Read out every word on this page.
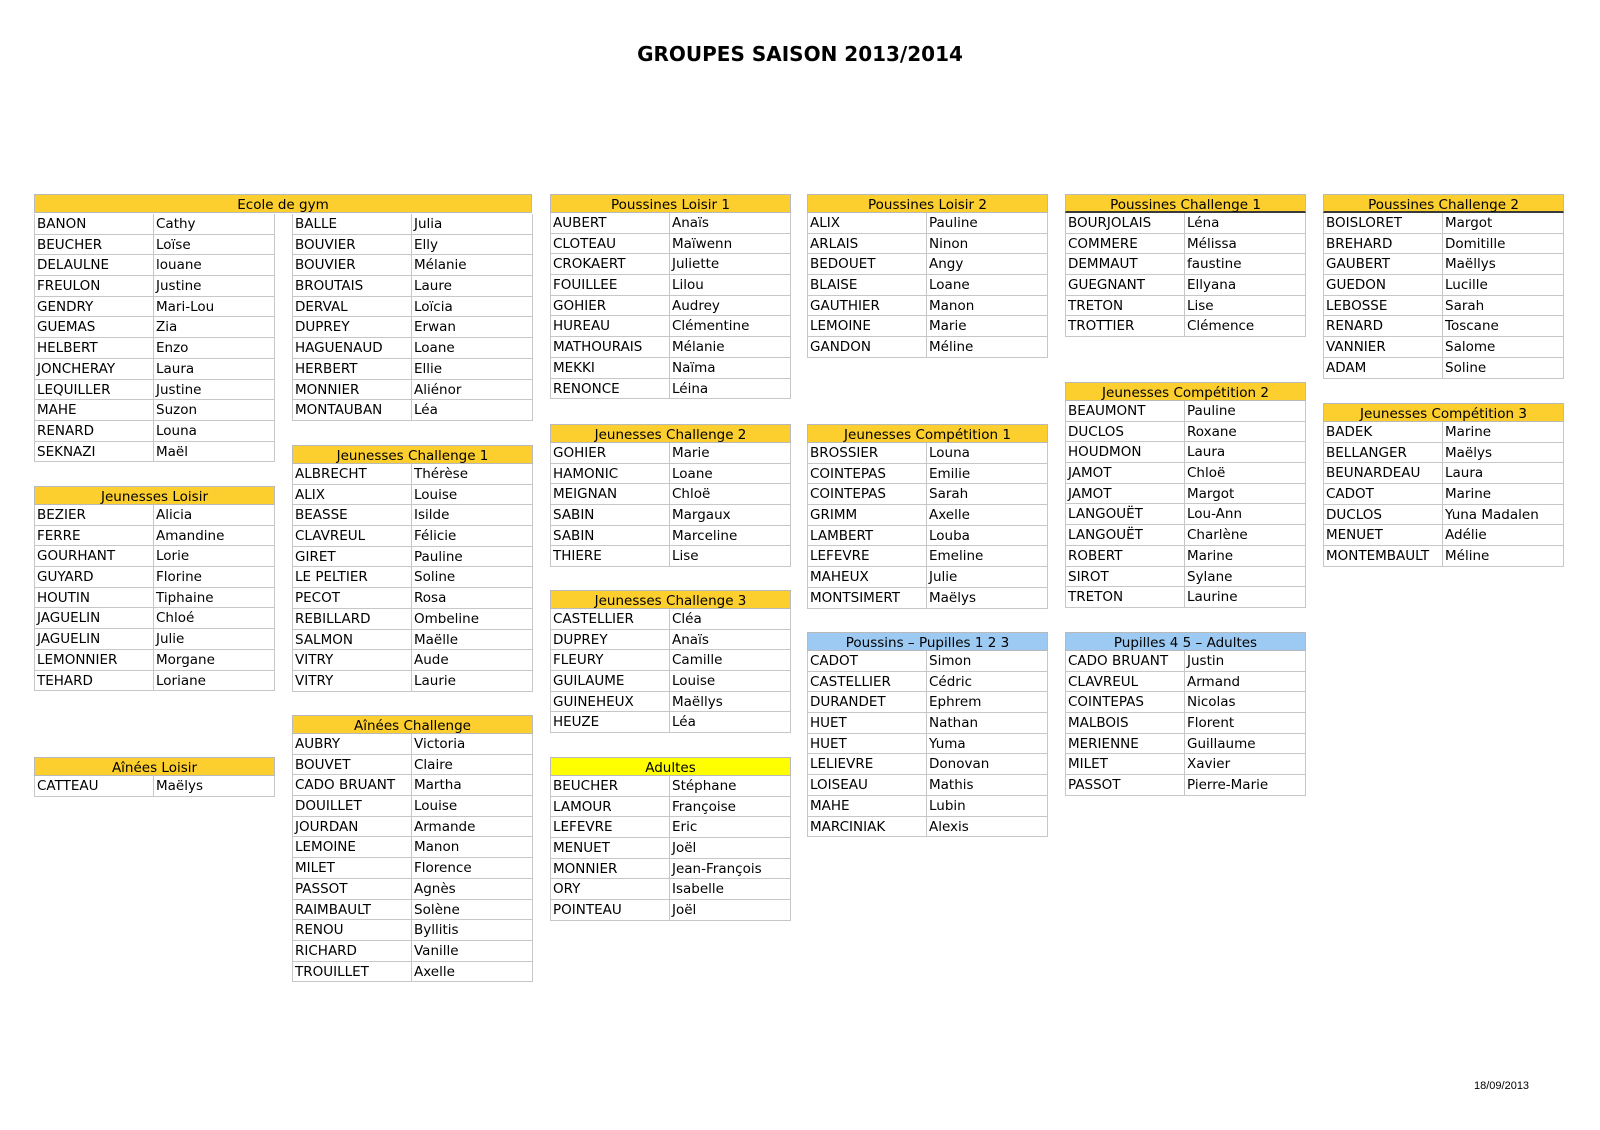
GROUPES SAISON 2013/2014
Ecole de gym
BANON	Cathy
BEUCHER	Loïse
DELAULNE	louane
FREULON	Justine
GENDRY	Mari-Lou
GUEMAS	Zia
HELBERT	Enzo
JONCHERAY	Laura
LEQUILLER	Justine
MAHE	Suzon
RENARD	Louna
SEKNAZI	Maël
BALLE	Julia
BOUVIER	Elly
BOUVIER	Mélanie
BROUTAIS	Laure
DERVAL	Loïcia
DUPREY	Erwan
HAGUENAUD	Loane
HERBERT	Ellie
MONNIER	Aliénor
MONTAUBAN	Léa
Jeunesses Loisir
BEZIER	Alicia
FERRE	Amandine
GOURHANT	Lorie
GUYARD	Florine
HOUTIN	Tiphaine
JAGUELIN	Chloé
JAGUELIN	Julie
LEMONNIER	Morgane
TEHARD	Loriane
Aînées Loisir
CATTEAU	Maëlys
Jeunesses Challenge 1
ALBRECHT	Thérèse
ALIX	Louise
BEASSE	Isilde
CLAVREUL	Félicie
GIRET	Pauline
LE PELTIER	Soline
PECOT	Rosa
REBILLARD	Ombeline
SALMON	Maëlle
VITRY	Aude
VITRY	Laurie
Aînées Challenge
AUBRY	Victoria
BOUVET	Claire
CADO BRUANT	Martha
DOUILLET	Louise
JOURDAN	Armande
LEMOINE	Manon
MILET	Florence
PASSOT	Agnès
RAIMBAULT	Solène
RENOU	Byllitis
RICHARD	Vanille
TROUILLET	Axelle
Poussines Loisir 1
AUBERT	Anaïs
CLOTEAU	Maïwenn
CROKAERT	Juliette
FOUILLEE	Lilou
GOHIER	Audrey
HUREAU	Clémentine
MATHOURAIS	Mélanie
MEKKI	Naïma
RENONCE	Léina
Jeunesses Challenge 2
GOHIER	Marie
HAMONIC	Loane
MEIGNAN	Chloë
SABIN	Margaux
SABIN	Marceline
THIERE	Lise
Jeunesses Challenge 3
CASTELLIER	Cléa
DUPREY	Anaïs
FLEURY	Camille
GUILAUME	Louise
GUINEHEUX	Maëllys
HEUZE	Léa
Adultes
BEUCHER	Stéphane
LAMOUR	Françoise
LEFEVRE	Eric
MENUET	Joël
MONNIER	Jean-François
ORY	Isabelle
POINTEAU	Joël
Poussines Loisir 2
ALIX	Pauline
ARLAIS	Ninon
BEDOUET	Angy
BLAISE	Loane
GAUTHIER	Manon
LEMOINE	Marie
GANDON	Méline
Jeunesses Compétition 1
BROSSIER	Louna
COINTEPAS	Emilie
COINTEPAS	Sarah
GRIMM	Axelle
LAMBERT	Louba
LEFEVRE	Emeline
MAHEUX	Julie
MONTSIMERT	Maëlys
Poussins – Pupilles 1 2 3
CADOT	Simon
CASTELLIER	Cédric
DURANDET	Ephrem
HUET	Nathan
HUET	Yuma
LELIEVRE	Donovan
LOISEAU	Mathis
MAHE	Lubin
MARCINIAK	Alexis
Poussines Challenge 1
BOURJOLAIS	Léna
COMMERE	Mélissa
DEMMAUT	faustine
GUEGNANT	Ellyana
TRETON	Lise
TROTTIER	Clémence
Jeunesses Compétition 2
BEAUMONT	Pauline
DUCLOS	Roxane
HOUDMON	Laura
JAMOT	Chloë
JAMOT	Margot
LANGOUËT	Lou-Ann
LANGOUËT	Charlène
ROBERT	Marine
SIROT	Sylane
TRETON	Laurine
Pupilles 4 5 – Adultes
CADO BRUANT	Justin
CLAVREUL	Armand
COINTEPAS	Nicolas
MALBOIS	Florent
MERIENNE	Guillaume
MILET	Xavier
PASSOT	Pierre-Marie
Poussines Challenge 2
BOISLORET	Margot
BREHARD	Domitille
GAUBERT	Maëllys
GUEDON	Lucille
LEBOSSE	Sarah
RENARD	Toscane
VANNIER	Salome
ADAM	Soline
Jeunesses Compétition 3
BADEK	Marine
BELLANGER	Maëlys
BEUNARDEAU	Laura
CADOT	Marine
DUCLOS	Yuna Madalen
MENUET	Adélie
MONTEMBAULT	Méline
18/09/2013
